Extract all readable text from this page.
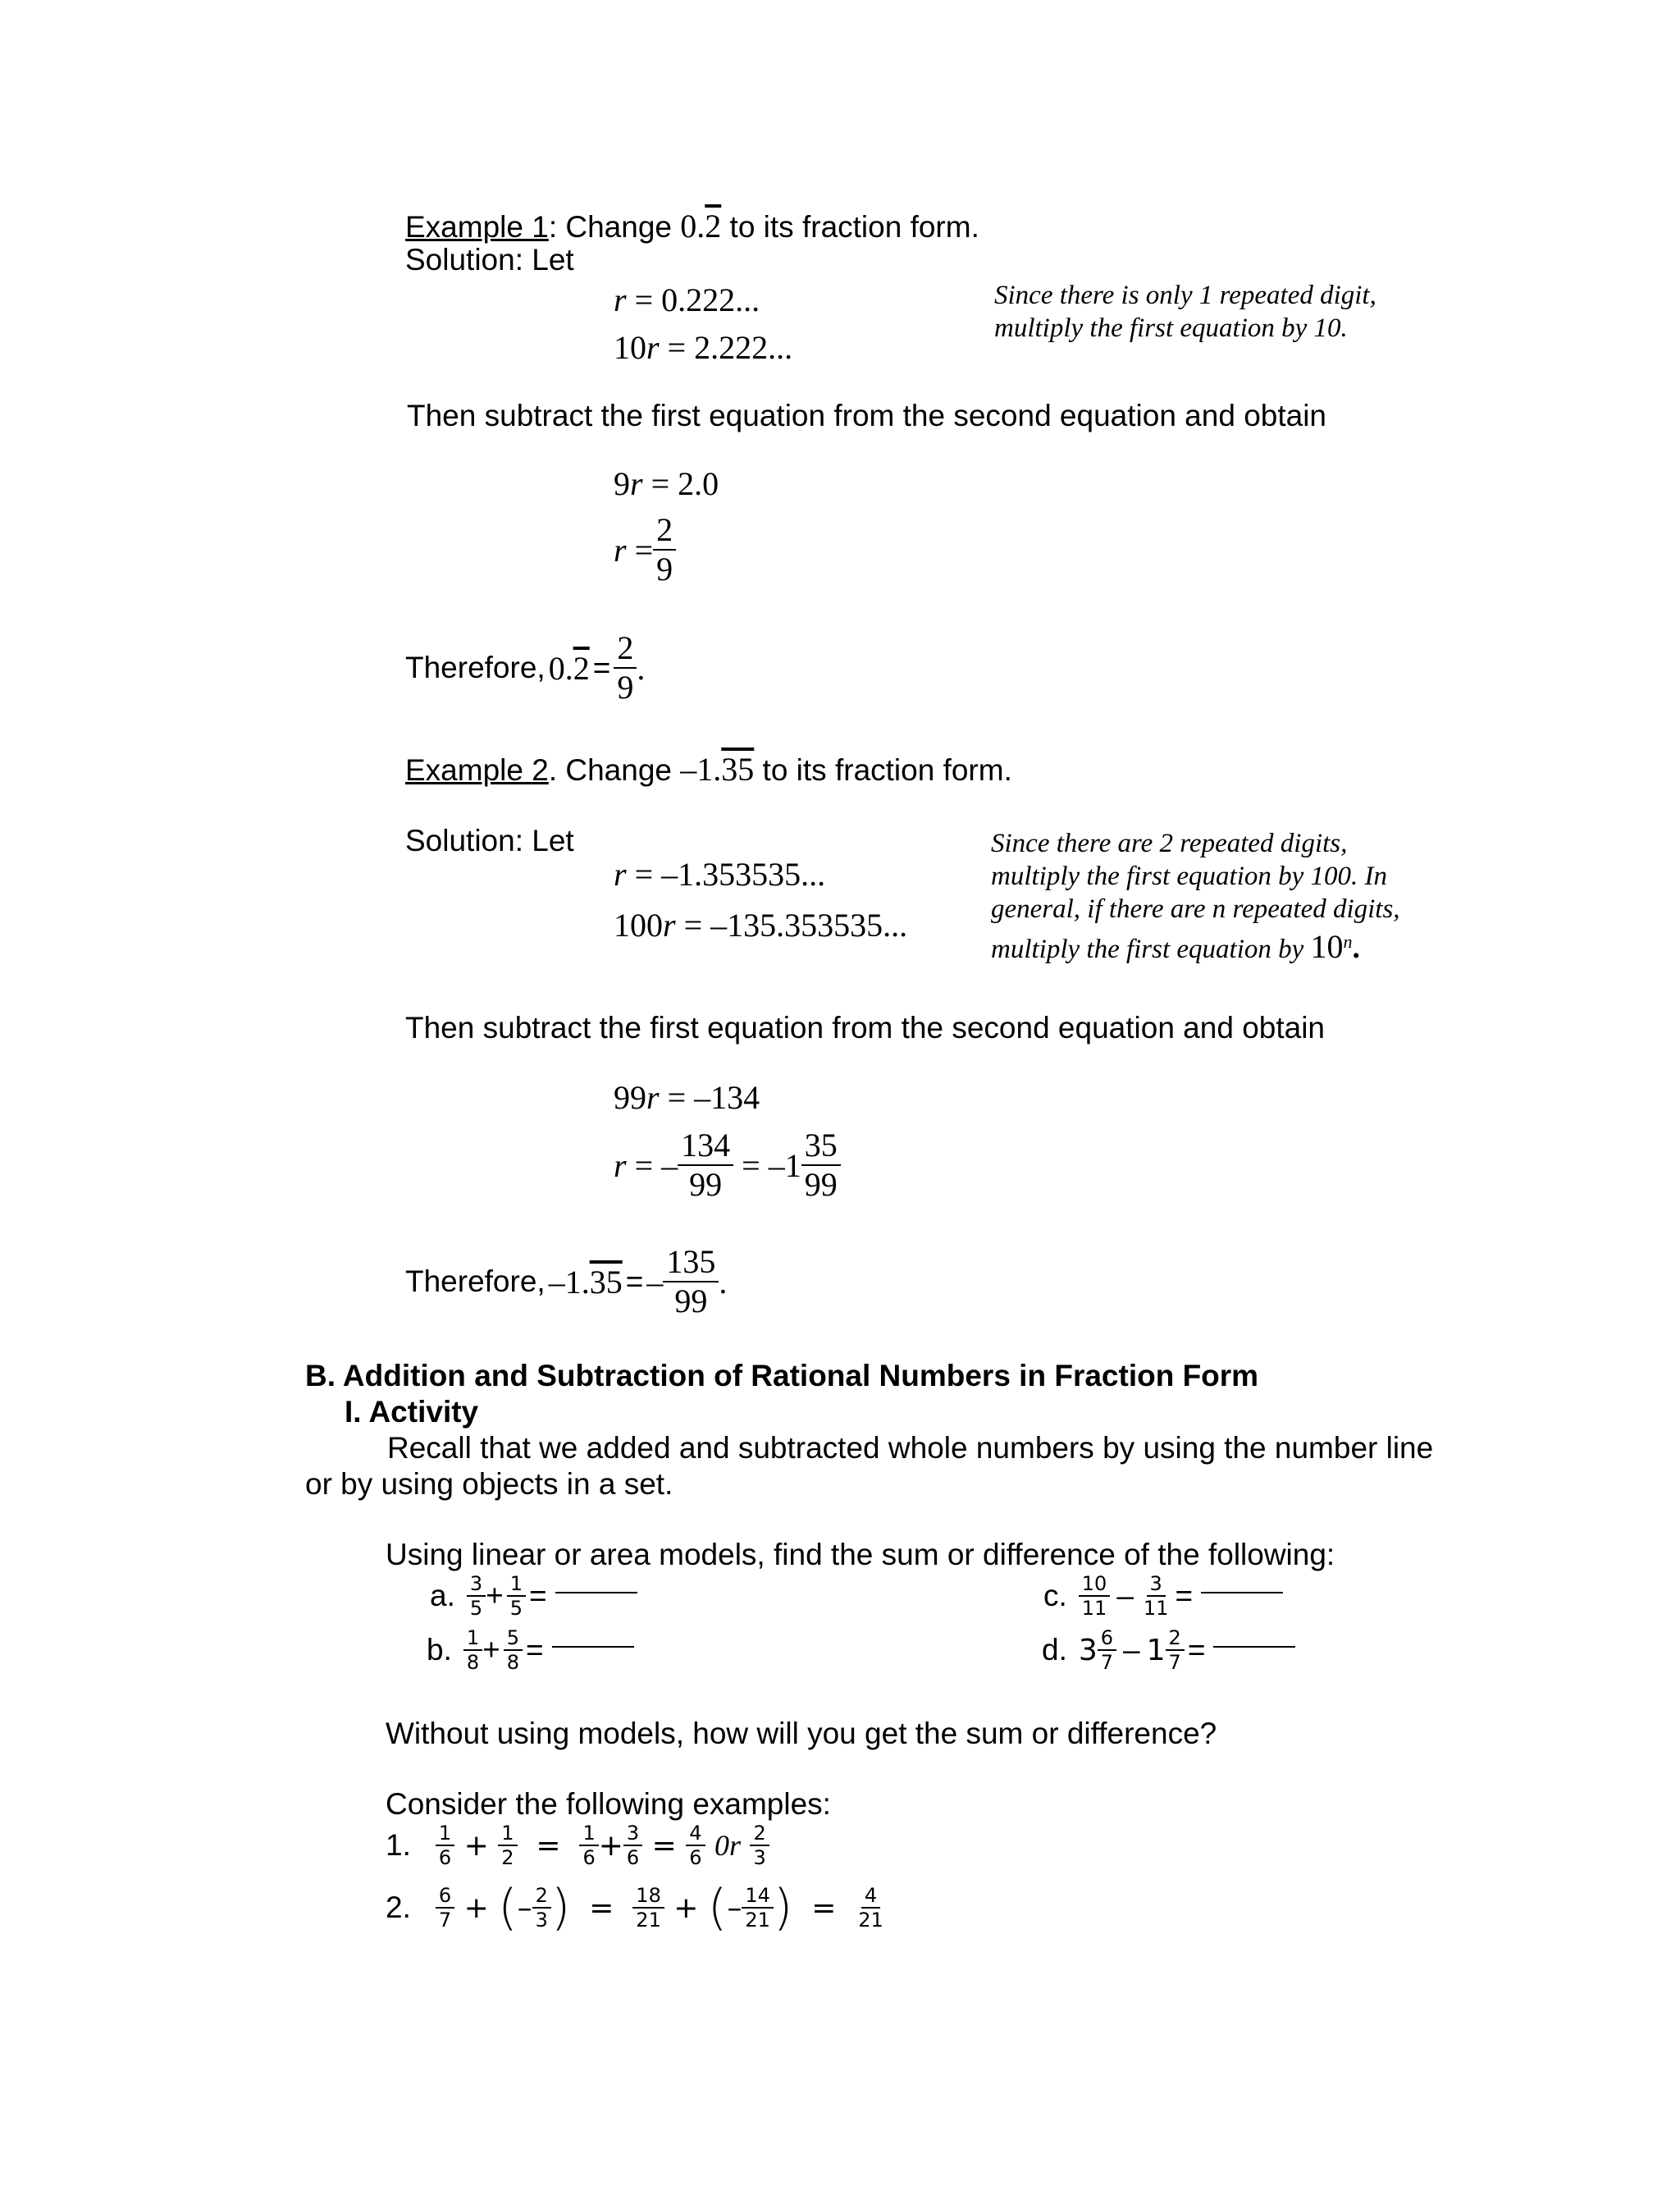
Example 1: Change 0.2 to its fraction form.
Solution: Let
r = 0.222...
10r = 2.222...
Since there is only 1 repeated digit,
multiply the first equation by 10.
Then subtract the first equation from the second equation and obtain
9r = 2.0
r
= $\frac{2}{9}$
Therefore,
0.2
=
$\frac{2}{9}$ .
Example 2. Change –1.35 to its fraction form.
Solution: Let
r = –1.353535...
100r = –135.353535...
Since there are 2 repeated digits,
multiply the first equation by 100. In
general, if there are n repeated digits,
multiply the first equation by 10$^n$.
Then subtract the first equation from the second equation and obtain
99r = –134
r
= – $\frac{134}{99}$
= $-1 \frac{35}{99}$
Therefore,
–1.35
=
– $\frac{135}{99}$ .
B. Addition and Subtraction of Rational Numbers in Fraction Form
I. Activity
Recall that we added and subtracted whole numbers by using the number line
or by using objects in a set.
Using linear or area models, find the sum or difference of the following:
a. $\frac{3}{5}$ +
$\frac{1}{5}$
=
b. $\frac{1}{8}$ +
$\frac{5}{8}$
=
c. $\frac{10}{11}$
–
$\frac{3}{11}$
=
d. $3 \frac{6}{7}$
–
$1 \frac{2}{7}$
=
Without using models, how will you get the sum or difference?
Consider the following examples:
1. $\frac{1}{6}$
+
$\frac{1}{2}$
=
$\frac{1}{6} + \frac{3}{6}$
=
$\frac{4}{6}$
0r
$\frac{2}{3}$
2. $\frac{6}{7}$
+
( – $\frac{2}{3}$ )
=
$\frac{18}{21}$
+
( – $\frac{14}{21}$ )
=
$\frac{4}{21}$
